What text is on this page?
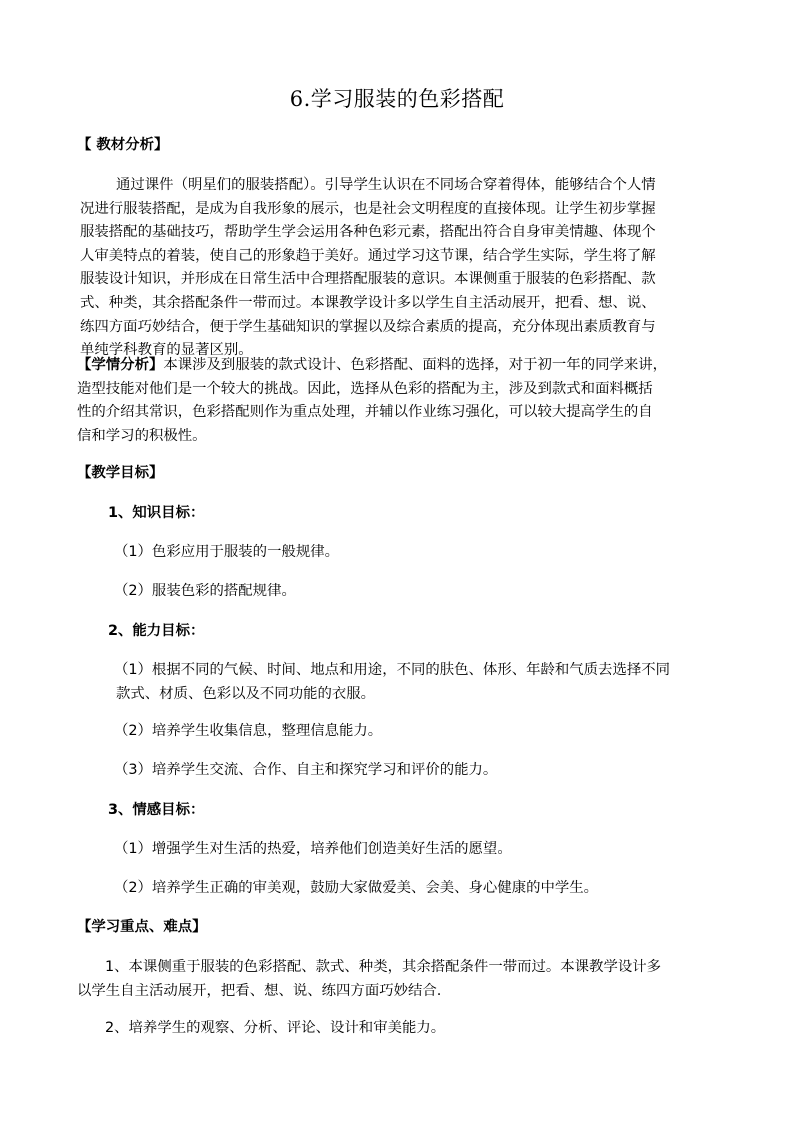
6.学习服装的色彩搭配
【 教材分析】
通过课件（明星们的服装搭配）。引导学生认识在不同场合穿着得体，能够结合个人情
况进行服装搭配，是成为自我形象的展示，也是社会文明程度的直接体现。让学生初步掌握
服装搭配的基础技巧，帮助学生学会运用各种色彩元素，搭配出符合自身审美情趣、体现个
人审美特点的着装，使自己的形象趋于美好。通过学习这节课，结合学生实际，学生将了解
服装设计知识，并形成在日常生活中合理搭配服装的意识。本课侧重于服装的色彩搭配、款
式、种类，其余搭配条件一带而过。本课教学设计多以学生自主活动展开，把看、想、说、
练四方面巧妙结合，便于学生基础知识的掌握以及综合素质的提高，充分体现出素质教育与
单纯学科教育的显著区别。
【学情分析】本课涉及到服装的款式设计、色彩搭配、面料的选择，对于初一年的同学来讲，
造型技能对他们是一个较大的挑战。因此，选择从色彩的搭配为主，涉及到款式和面料概括
性的介绍其常识，色彩搭配则作为重点处理，并辅以作业练习强化，可以较大提高学生的自
信和学习的积极性。
【教学目标】
1、知识目标：
（1）色彩应用于服装的一般规律。
（2）服装色彩的搭配规律。
2、能力目标：
（1）根据不同的气候、时间、地点和用途，不同的肤色、体形、年龄和气质去选择不同
款式、材质、色彩以及不同功能的衣服。
（2）培养学生收集信息，整理信息能力。
（3）培养学生交流、合作、自主和探究学习和评价的能力。
3、情感目标：
（1）增强学生对生活的热爱，培养他们创造美好生活的愿望。
（2）培养学生正确的审美观，鼓励大家做爱美、会美、身心健康的中学生。
【学习重点、难点】
1、本课侧重于服装的色彩搭配、款式、种类，其余搭配条件一带而过。本课教学设计多
以学生自主活动展开，把看、想、说、练四方面巧妙结合.
2、培养学生的观察、分析、评论、设计和审美能力。
